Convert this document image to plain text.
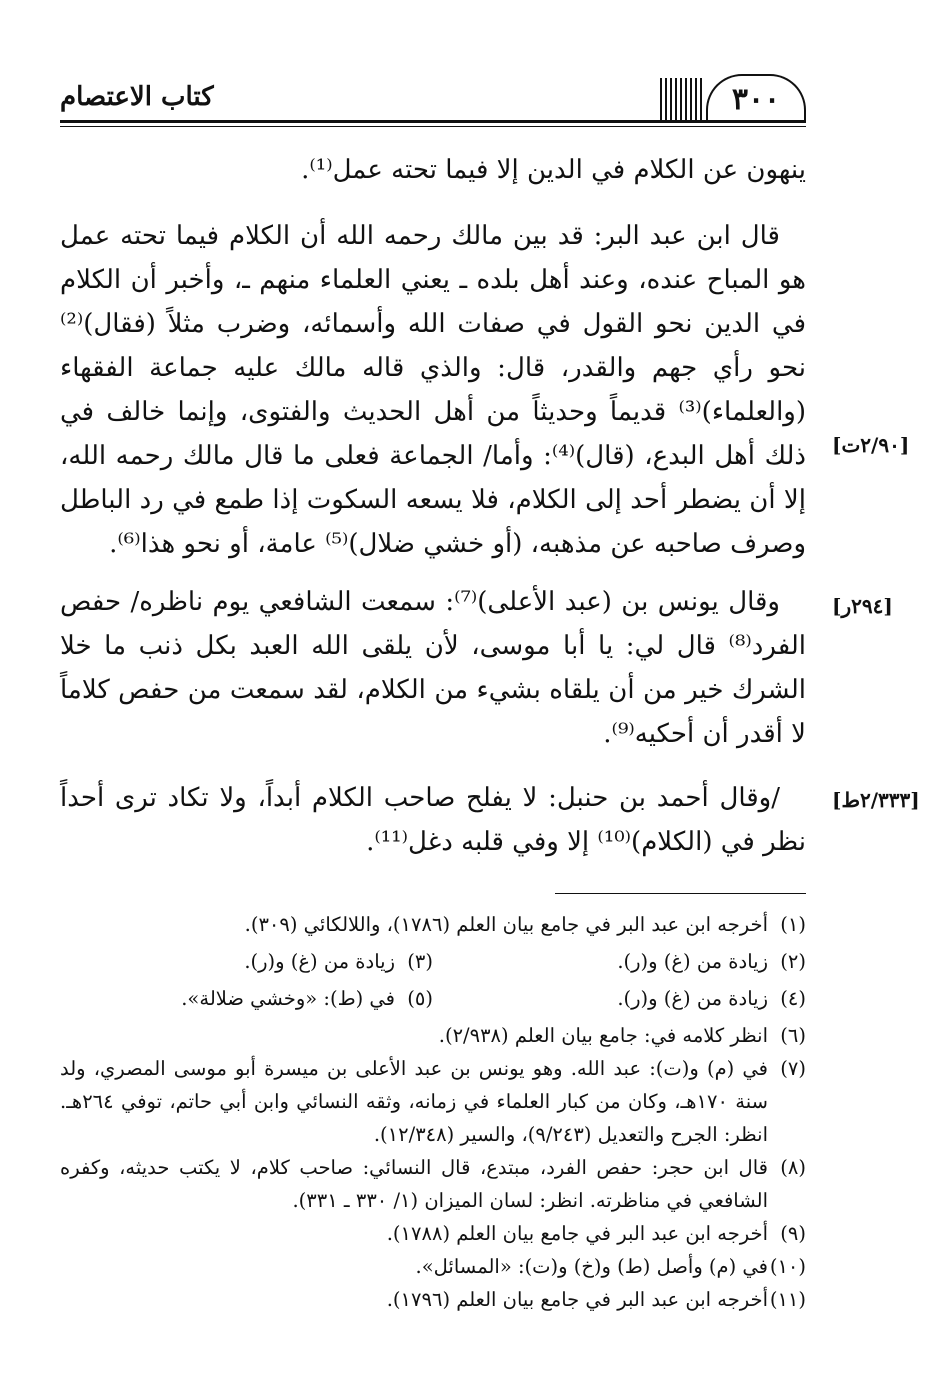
كتاب الاعتصام	٣٠٠

ينهون عن الكلام في الدين إلا فيما تحته عمل⁽¹⁾.

قال ابن عبد البر: قد بين مالك رحمه الله أن الكلام فيما تحته عمل هو المباح عنده، وعند أهل بلده ـ يعني العلماء منهم ـ، وأخبر أن الكلام في الدين نحو القول في صفات الله وأسمائه، وضرب مثلاً (فقال)⁽²⁾ نحو رأي جهم والقدر، قال: والذي قاله مالك عليه جماعة الفقهاء (والعلماء)⁽³⁾ قديماً وحديثاً من أهل الحديث والفتوى، وإنما خالف في ذلك أهل البدع، (قال)⁽⁴⁾: وأما/ الجماعة فعلى ما قال مالك رحمه الله، إلا أن يضطر أحد إلى الكلام، فلا يسعه السكوت إذا طمع في رد الباطل وصرف صاحبه عن مذهبه، (أو خشي ضلال)⁽⁵⁾ عامة، أو نحو هذا⁽⁶⁾.

وقال يونس بن (عبد الأعلى)⁽⁷⁾: سمعت الشافعي يوم ناظره/ حفص الفرد⁽⁸⁾ قال لي: يا أبا موسى، لأن يلقى الله العبد بكل ذنب ما خلا الشرك خير من أن يلقاه بشيء من الكلام، لقد سمعت من حفص كلاماً لا أقدر أن أحكيه⁽⁹⁾.

/وقال أحمد بن حنبل: لا يفلح صاحب الكلام أبداً، ولا تكاد ترى أحداً نظر في (الكلام)⁽¹⁰⁾ إلا وفي قلبه دغل⁽¹¹⁾.

[٢/٩٠ت]
[٢٩٤ر]
[٢/٣٣٣ط]
(١)
أخرجه ابن عبد البر في جامع بيان العلم (١٧٨٦)، واللالكائي (٣٠٩).
(٢)
زيادة من (غ) و(ر).
(٣)
زيادة من (غ) و(ر).
(٤)
زيادة من (غ) و(ر).
(٥)
في (ط): «وخشي ضلالة».
(٦)
انظر كلامه في: جامع بيان العلم (٢/٩٣٨).
(٧)
في (م) و(ت): عبد الله. وهو يونس بن عبد الأعلى بن ميسرة أبو موسى المصري، ولد سنة ١٧٠هـ، وكان من كبار العلماء في زمانه، وثقه النسائي وابن أبي حاتم، توفي ٢٦٤هـ. انظر: الجرح والتعديل (٩/٢٤٣)، والسير (١٢/٣٤٨).
(٨)
قال ابن حجر: حفص الفرد، مبتدع، قال النسائي: صاحب كلام، لا يكتب حديثه، وكفره الشافعي في مناظرته. انظر: لسان الميزان (١/ ٣٣٠ ـ ٣٣١).
(٩)
أخرجه ابن عبد البر في جامع بيان العلم (١٧٨٨).
(١٠)
في (م) وأصل (ط) و(خ) و(ت): «المسائل».
(١١)
أخرجه ابن عبد البر في جامع بيان العلم (١٧٩٦).
